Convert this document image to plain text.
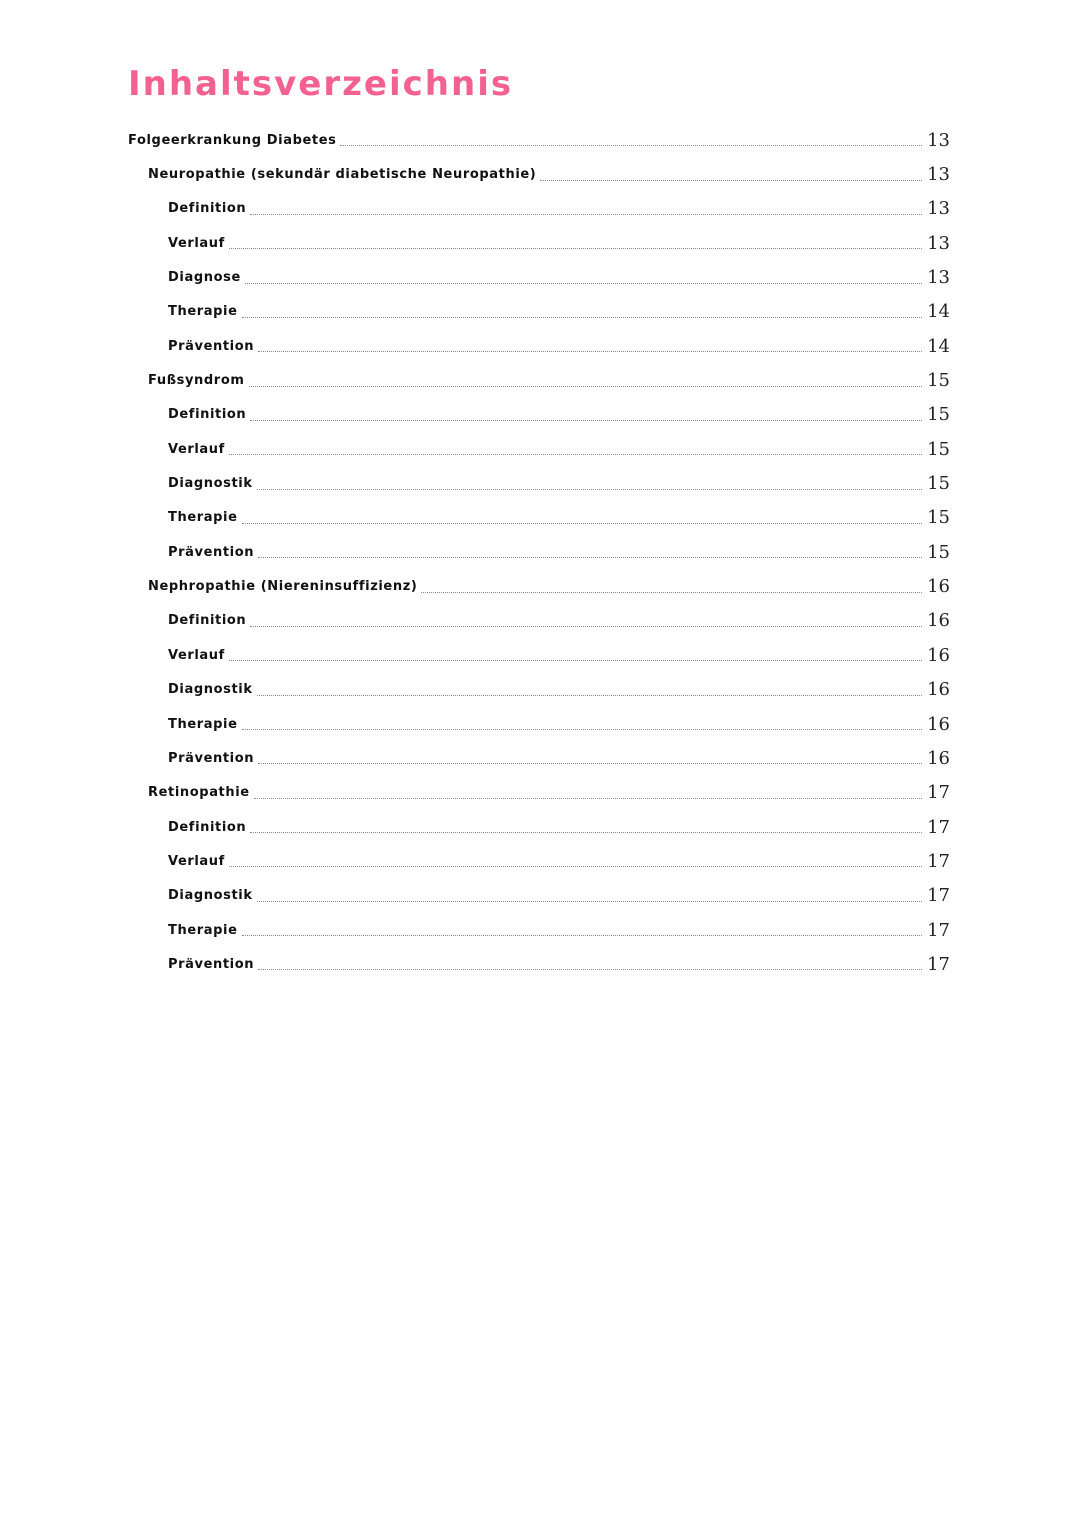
Inhaltsverzeichnis
Folgeerkrankung Diabetes	13
Neuropathie (sekundär diabetische Neuropathie)	13
Definition	13
Verlauf	13
Diagnose	13
Therapie	14
Prävention	14
Fußsyndrom	15
Definition	15
Verlauf	15
Diagnostik	15
Therapie	15
Prävention	15
Nephropathie (Niereninsuffizienz)	16
Definition	16
Verlauf	16
Diagnostik	16
Therapie	16
Prävention	16
Retinopathie	17
Definition	17
Verlauf	17
Diagnostik	17
Therapie	17
Prävention	17
